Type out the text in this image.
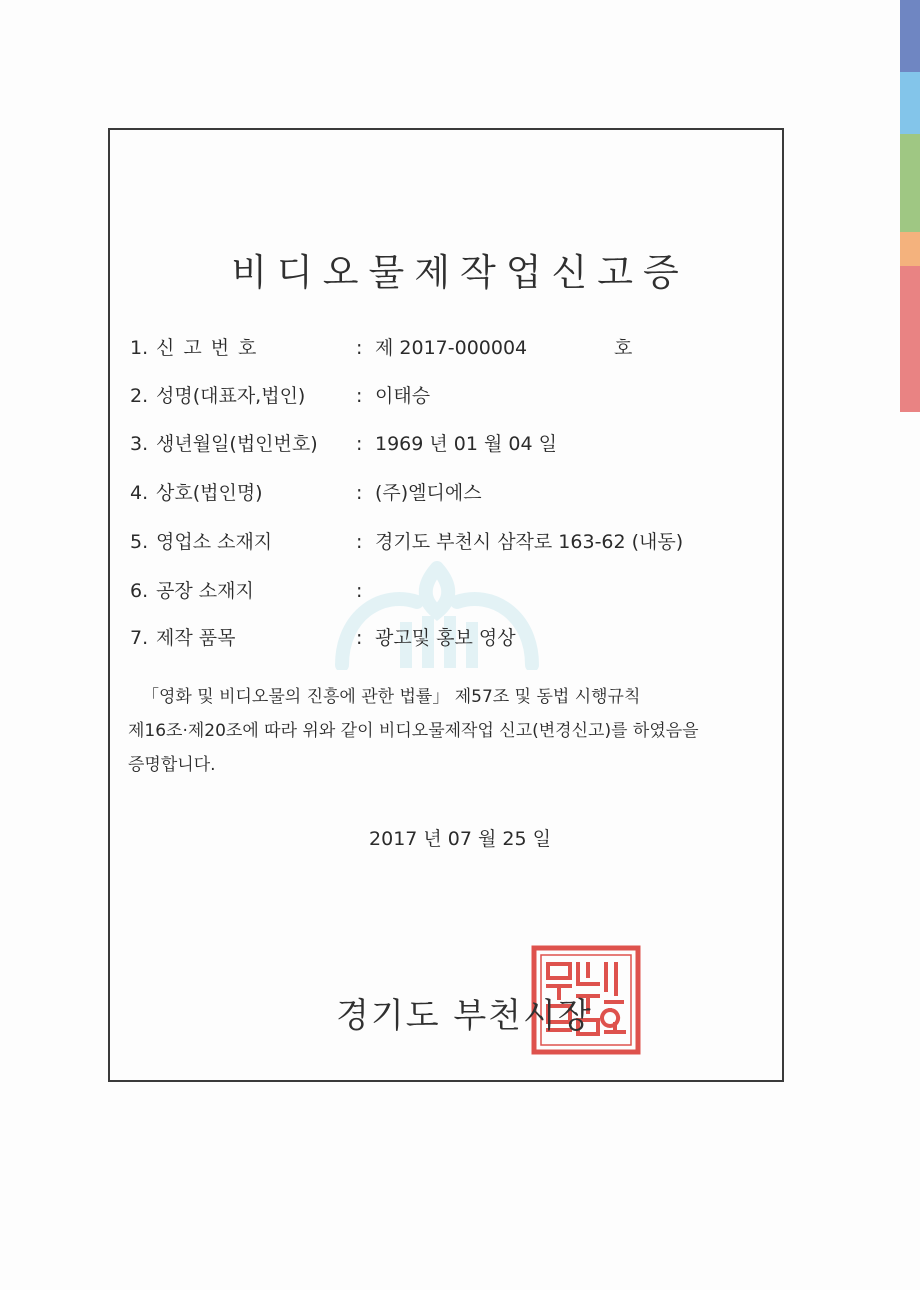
비디오물제작업신고증
1. 신고번호	: 제 2017-000004	호
2. 성명(대표자,법인)	: 이태승
3. 생년월일(법인번호) : 1969 년 01 월 04 일
4. 상호(법인명)	: (주)엘디에스
5. 영업소 소재지	: 경기도 부천시 삼작로 163-62 (내동)
6. 공장 소재지	:
7. 제작 품목	: 광고및 홍보 영상
「영화 및 비디오물의 진흥에 관한 법률」 제57조 및 동법 시행규칙
제16조·제20조에 따라 위와 같이 비디오물제작업 신고(변경신고)를 하였음을
증명합니다.
2017 년 07 월 25 일
경기도 부천시장
